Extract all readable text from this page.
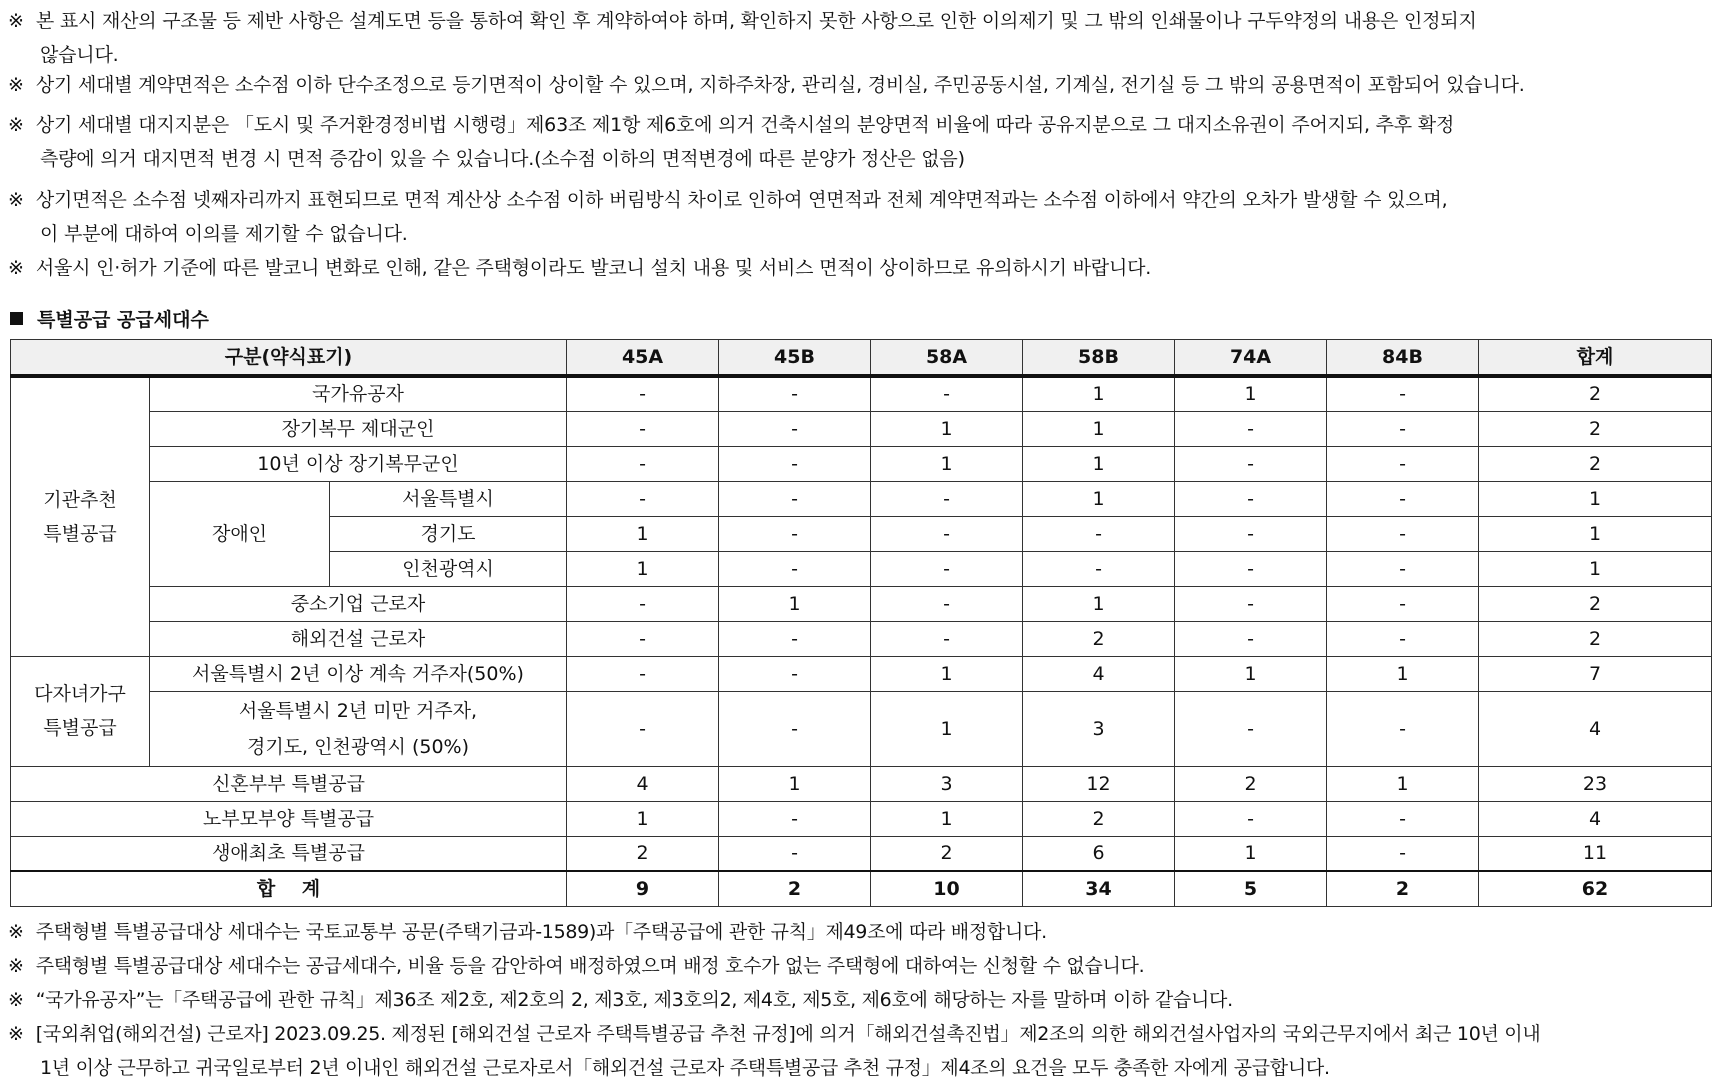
※ 본 표시 재산의 구조물 등 제반 사항은 설계도면 등을 통하여 확인 후 계약하여야 하며, 확인하지 못한 사항으로 인한 이의제기 및 그 밖의 인쇄물이나 구두약정의 내용은 인정되지
않습니다.
※ 상기 세대별 계약면적은 소수점 이하 단수조정으로 등기면적이 상이할 수 있으며, 지하주차장, 관리실, 경비실, 주민공동시설, 기계실, 전기실 등 그 밖의 공용면적이 포함되어 있습니다.
※ 상기 세대별 대지지분은 「도시 및 주거환경정비법 시행령」제63조 제1항 제6호에 의거 건축시설의 분양면적 비율에 따라 공유지분으로 그 대지소유권이 주어지되, 추후 확정
측량에 의거 대지면적 변경 시 면적 증감이 있을 수 있습니다.(소수점 이하의 면적변경에 따른 분양가 정산은 없음)
※ 상기면적은 소수점 넷째자리까지 표현되므로 면적 계산상 소수점 이하 버림방식 차이로 인하여 연면적과 전체 계약면적과는 소수점 이하에서 약간의 오차가 발생할 수 있으며,
이 부분에 대하여 이의를 제기할 수 없습니다.
※ 서울시 인·허가 기준에 따른 발코니 변화로 인해, 같은 주택형이라도 발코니 설치 내용 및 서비스 면적이 상이하므로 유의하시기 바랍니다.
특별공급 공급세대수
구분(약식표기)			45A	45B	58A	58B	74A	84B	합계
기관추천
특별공급	국가유공자		-	-	-	1	1	-	2
	장기복무 제대군인		-	-	1	1	-	-	2
	10년 이상 장기복무군인		-	-	1	1	-	-	2
	장애인	서울특별시	-	-	-	1	-	-	1
		경기도	1	-	-	-	-	-	1
		인천광역시	1	-	-	-	-	-	1
	중소기업 근로자		-	1	-	1	-	-	2
	해외건설 근로자		-	-	-	2	-	-	2
다자녀가구
특별공급	서울특별시 2년 이상 계속 거주자(50%)		-	-	1	4	1	1	7
	서울특별시 2년 미만 거주자,
경기도, 인천광역시 (50%)		-	-	1	3	-	-	4
신혼부부 특별공급			4	1	3	12	2	1	23
노부모부양 특별공급			1	-	1	2	-	-	4
생애최초 특별공급			2	-	2	6	1	-	11
합    계			9	2	10	34	5	2	62
※ 주택형별 특별공급대상 세대수는 국토교통부 공문(주택기금과-1589)과「주택공급에 관한 규칙」제49조에 따라 배정합니다.
※ 주택형별 특별공급대상 세대수는 공급세대수, 비율 등을 감안하여 배정하였으며 배정 호수가 없는 주택형에 대하여는 신청할 수 없습니다.
※ “국가유공자”는「주택공급에 관한 규칙」제36조 제2호, 제2호의 2, 제3호, 제3호의2, 제4호, 제5호, 제6호에 해당하는 자를 말하며 이하 같습니다.
※ [국외취업(해외건설) 근로자] 2023.09.25. 제정된 [해외건설 근로자 주택특별공급 추천 규정]에 의거「해외건설촉진법」제2조의 의한 해외건설사업자의 국외근무지에서 최근 10년 이내
1년 이상 근무하고 귀국일로부터 2년 이내인 해외건설 근로자로서「해외건설 근로자 주택특별공급 추천 규정」제4조의 요건을 모두 충족한 자에게 공급합니다.
